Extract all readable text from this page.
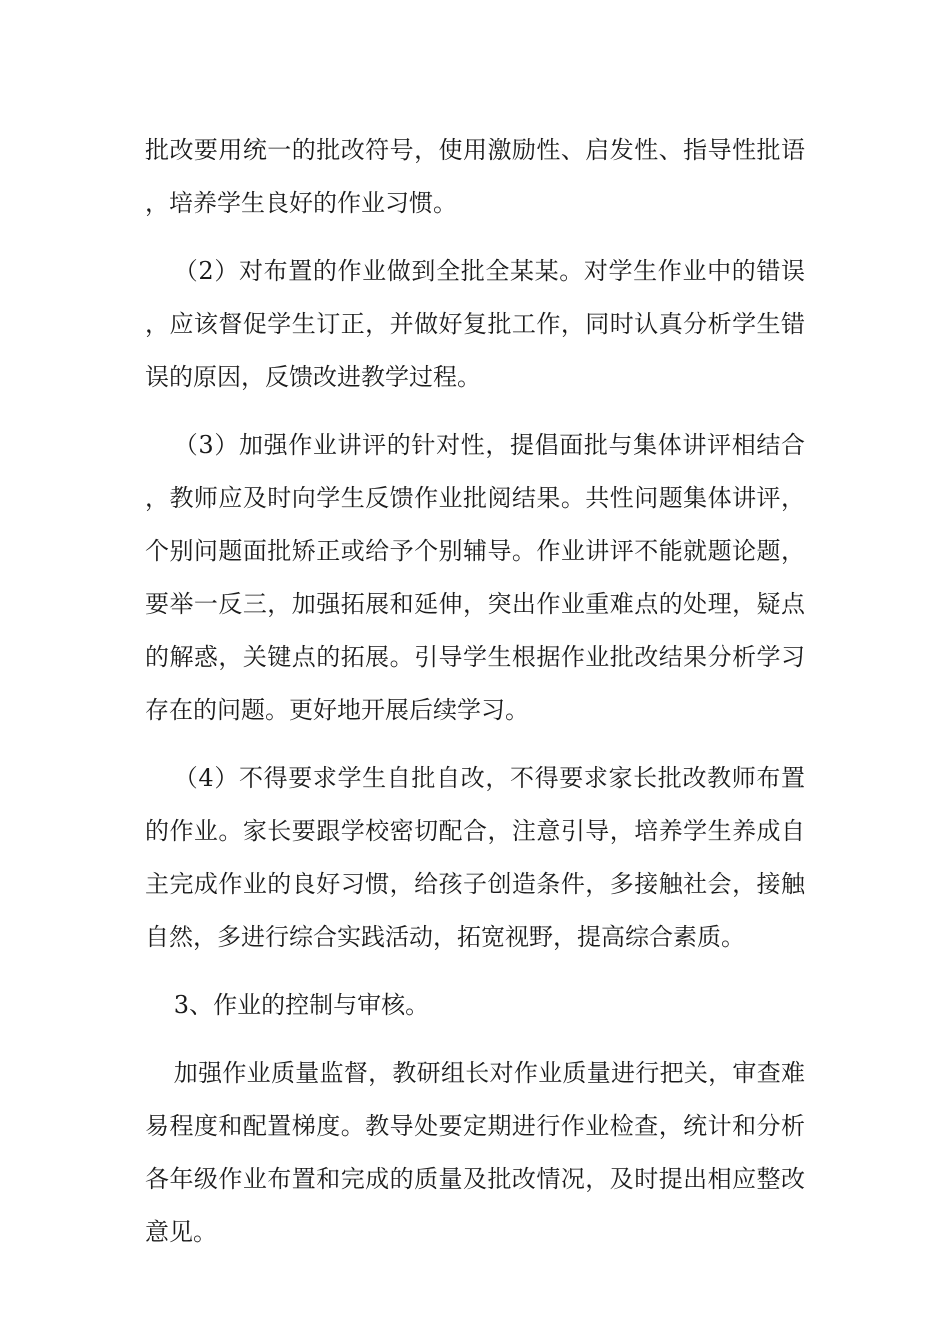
批改要用统一的批改符号，使用激励性、启发性、指导性批语，培养学生良好的作业习惯。

（2）对布置的作业做到全批全某某。对学生作业中的错误，应该督促学生订正，并做好复批工作，同时认真分析学生错误的原因，反馈改进教学过程。

（3）加强作业讲评的针对性，提倡面批与集体讲评相结合，教师应及时向学生反馈作业批阅结果。共性问题集体讲评，个别问题面批矫正或给予个别辅导。作业讲评不能就题论题，要举一反三，加强拓展和延伸，突出作业重难点的处理，疑点的解惑，关键点的拓展。引导学生根据作业批改结果分析学习存在的问题。更好地开展后续学习。

（4）不得要求学生自批自改，不得要求家长批改教师布置的作业。家长要跟学校密切配合，注意引导，培养学生养成自主完成作业的良好习惯，给孩子创造条件，多接触社会，接触自然，多进行综合实践活动，拓宽视野，提高综合素质。

3、作业的控制与审核。

加强作业质量监督，教研组长对作业质量进行把关，审查难易程度和配置梯度。教导处要定期进行作业检查，统计和分析各年级作业布置和完成的质量及批改情况，及时提出相应整改意见。
